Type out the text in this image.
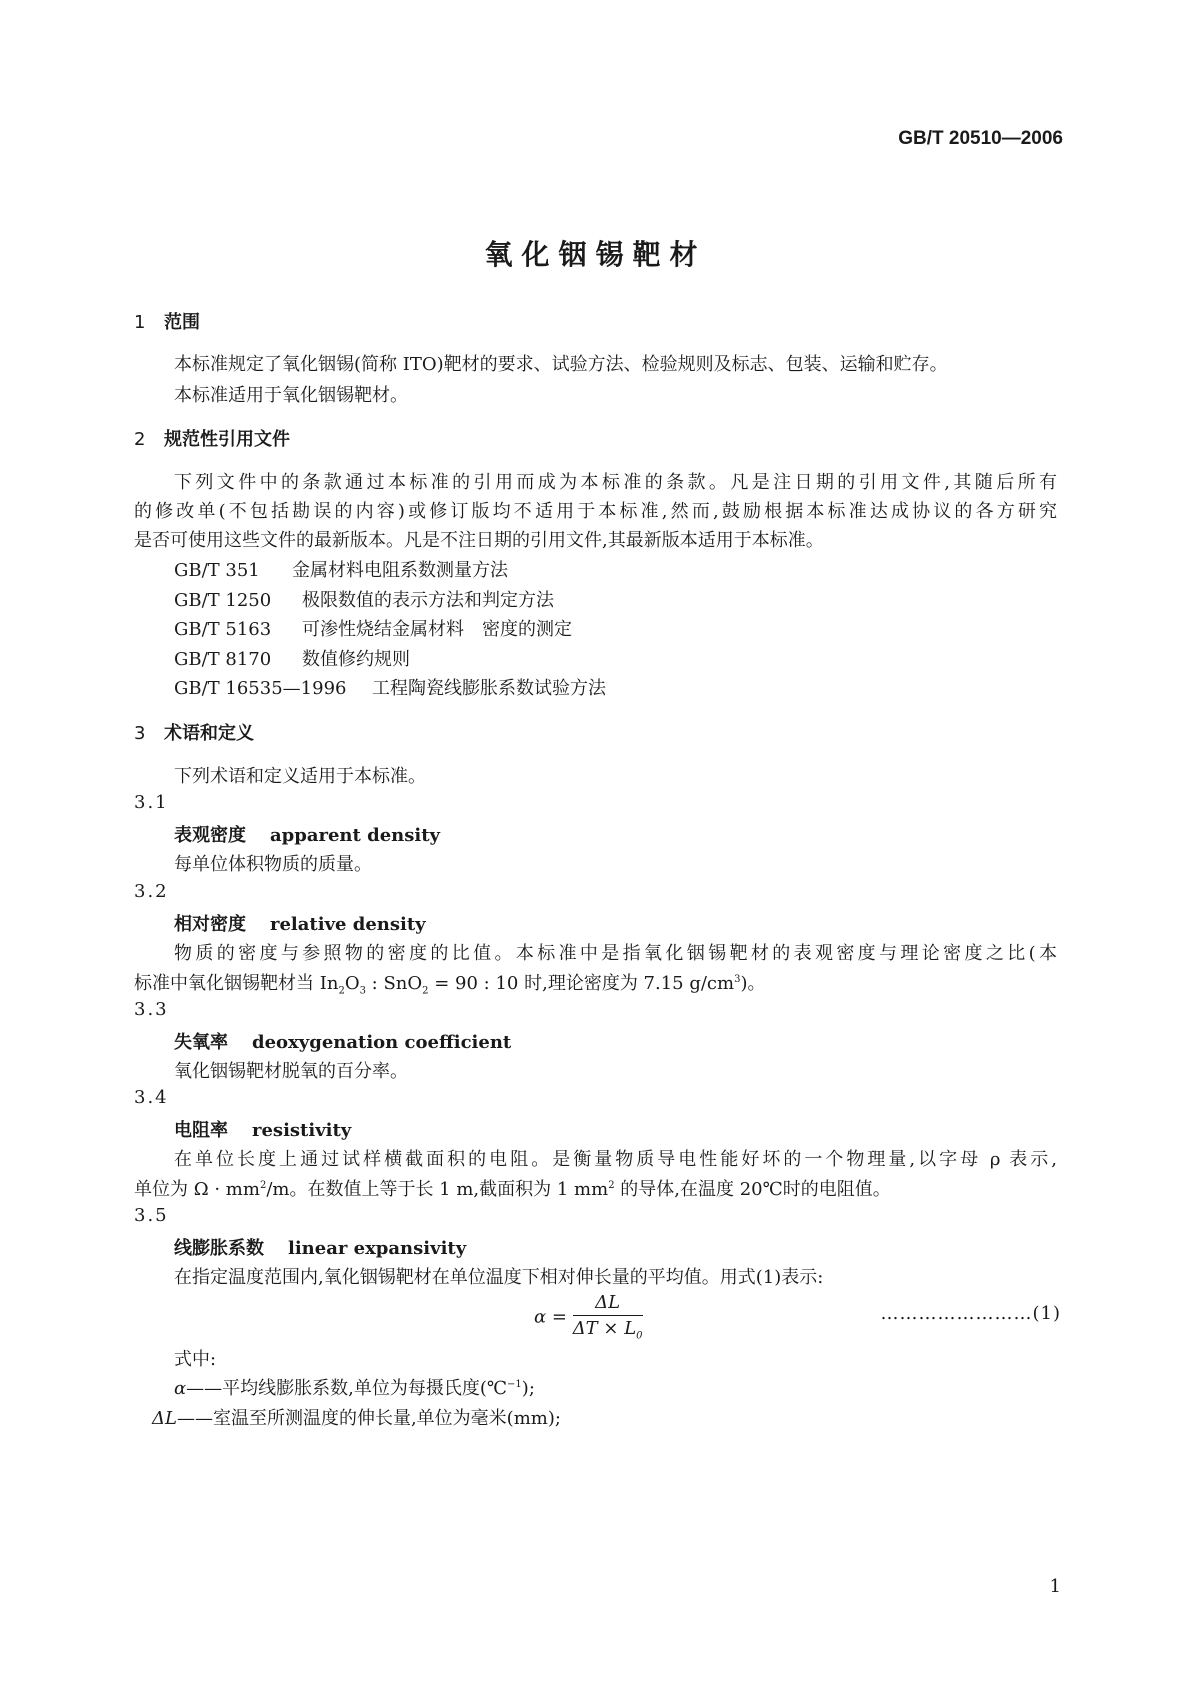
GB/T 20510—2006
氧化铟锡靶材
1 范围
本标准规定了氧化铟锡(简称 ITO)靶材的要求、试验方法、检验规则及标志、包装、运输和贮存。
本标准适用于氧化铟锡靶材。
2 规范性引用文件
下列文件中的条款通过本标准的引用而成为本标准的条款。凡是注日期的引用文件,其随后所有
的修改单(不包括勘误的内容)或修订版均不适用于本标准,然而,鼓励根据本标准达成协议的各方研究
是否可使用这些文件的最新版本。凡是不注日期的引用文件,其最新版本适用于本标准。
GB/T 351 金属材料电阻系数测量方法
GB/T 1250 极限数值的表示方法和判定方法
GB/T 5163 可渗性烧结金属材料　密度的测定
GB/T 8170 数值修约规则
GB/T 16535—1996 工程陶瓷线膨胀系数试验方法
3 术语和定义
下列术语和定义适用于本标准。
3.1
表观密度 apparent density
每单位体积物质的质量。
3.2
相对密度 relative density
物质的密度与参照物的密度的比值。本标准中是指氧化铟锡靶材的表观密度与理论密度之比(本
标准中氧化铟锡靶材当 $In_2O_3$ : SnO$_2$ = 90 : 10 时,理论密度为 7.15 $g/cm^3$)。
3.3
失氧率 deoxygenation coefficient
氧化铟锡靶材脱氧的百分率。
3.4
电阻率 resistivity
在单位长度上通过试样横截面积的电阻。是衡量物质导电性能好坏的一个物理量,以字母 ρ 表示,
单位为 $\Omega \cdot mm^2/m$。在数值上等于长 1 m,截面积为 1 $mm^2$ 的导体,在温度 20℃时的电阻值。
3.5
线膨胀系数 linear expansivity
在指定温度范围内,氧化铟锡靶材在单位温度下相对伸长量的平均值。用式(1)表示:
$\alpha = \frac{\Delta L}{\Delta T \times L_0}$	……………………(1)
式中:
α——平均线膨胀系数,单位为每摄氏度(℃$^{-1}$);
ΔL——室温至所测温度的伸长量,单位为毫米(mm);
1
